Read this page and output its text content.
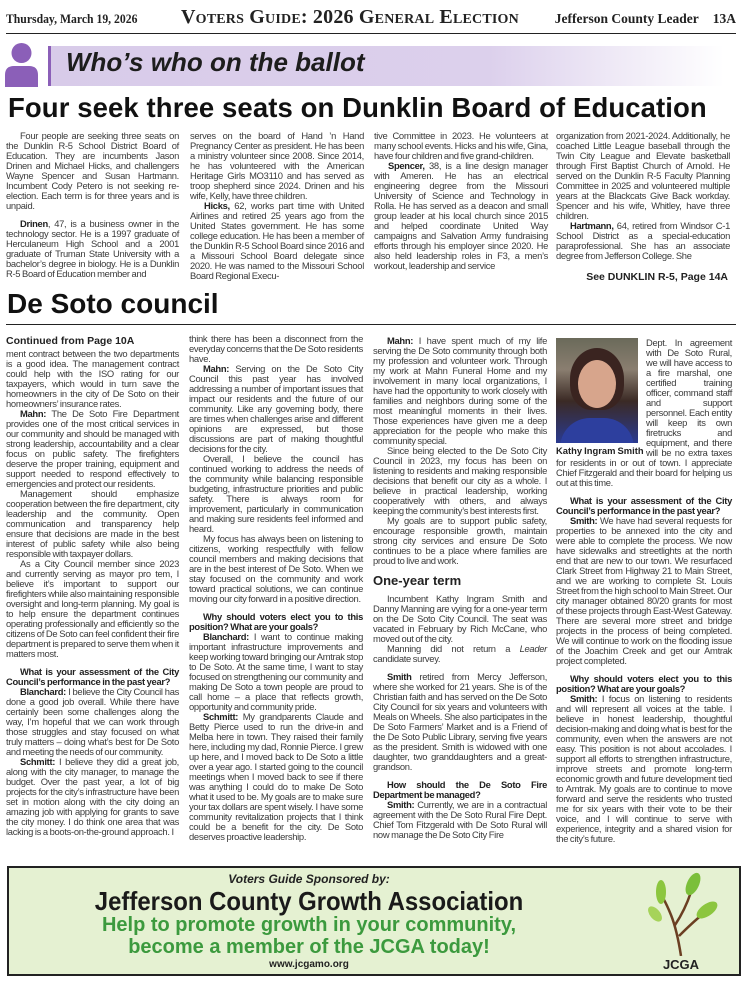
Thursday, March 19, 2026	Voters Guide: 2026 General Election	Jefferson County Leader 13A
Who’s who on the ballot
Four seek three seats on Dunklin Board of Education

Four people are seeking three seats on the Dunklin R-5 School District Board of Education. They are incumbents Jason Drinen and Michael Hicks, and challengers Wayne Spencer and Susan Hartmann. Incumbent Cody Petero is not seeking re-election. Each term is for three years and is unpaid.

Drinen, 47, is a business owner in the technology sector. He is a 1997 graduate of Herculaneum High School and a 2001 graduate of Truman State University with a bachelor’s degree in biology. He is a Dunklin R-5 Board of Education member and

serves on the board of Hand ’n Hand Pregnancy Center as president. He has been a ministry volunteer since 2008. Since 2014, he has volunteered with the American Heritage Girls MO3110 and has served as troop shepherd since 2024. Drinen and his wife, Kelly, have three children.

Hicks, 62, works part time with United Airlines and retired 25 years ago from the United States government. He has some college education. He has been a member of the Dunklin R-5 School Board since 2016 and a Missouri School Board delegate since 2020. He was named to the Missouri School Board Regional Execu-

tive Committee in 2023. He volunteers at many school events. Hicks and his wife, Gina, have four children and five grand-children.

Spencer, 38, is a line design manager with Ameren. He has an electrical engineering degree from the Missouri University of Science and Technology in Rolla. He has served as a deacon and small group leader at his local church since 2015 and helped coordinate United Way campaigns and Salvation Army fundraising efforts through his employer since 2020. He also held leadership roles in F3, a men’s workout, leadership and service

organization from 2021-2024. Additionally, he coached Little League baseball through the Twin City League and Elevate basketball through First Baptist Church of Arnold. He served on the Dunklin R-5 Faculty Planning Committee in 2025 and volunteered multiple years at the Blackcats Give Back workday. Spencer and his wife, Whitley, have three children.

Hartmann, 64, retired from Windsor C-1 School District as a special-education paraprofessional. She has an associate degree from Jefferson College. She

See DUNKLIN R-5, Page 14A
De Soto council
Continued from Page 10A

ment contract between the two departments is a good idea. The management contract could help with the ISO rating for our taxpayers, which would in turn save the homeowners in the city of De Soto on their homeowners’ insurance rates.

Mahn: The De Soto Fire Department provides one of the most critical services in our community and should be managed with strong leadership, accountability and a clear focus on public safety. The firefighters deserve the proper training, equipment and support needed to respond effectively to emergencies and protect our residents.

Management should emphasize cooperation between the fire department, city leadership and the community. Open communication and transparency help ensure that decisions are made in the best interest of public safety while also being responsible with taxpayer dollars.

As a City Council member since 2023 and currently serving as mayor pro tem, I believe it’s important to support our firefighters while also maintaining responsible oversight and long-term planning. My goal is to help ensure the department continues operating professionally and efficiently so the citizens of De Soto can feel confident their fire department is prepared to serve them when it matters most.

What is your assessment of the City Council’s performance in the past year?

Blanchard: I believe the City Council has done a good job overall. While there have certainly been some challenges along the way, I’m hopeful that we can work through those struggles and stay focused on what truly matters – doing what’s best for De Soto and meeting the needs of our community.

Schmitt: I believe they did a great job, along with the city manager, to manage the budget. Over the past year, a lot of big projects for the city’s infrastructure have been set in motion along with the city doing an amazing job with applying for grants to save the city money. I do think one area that was lacking is a boots-on-the-ground approach. I

think there has been a disconnect from the everyday concerns that the De Soto residents have.

Mahn: Serving on the De Soto City Council this past year has involved addressing a number of important issues that impact our residents and the future of our community. Like any governing body, there are times when challenges arise and different opinions are expressed, but those discussions are part of making thoughtful decisions for the city.

Overall, I believe the council has continued working to address the needs of the community while balancing responsible budgeting, infrastructure priorities and public safety. There is always room for improvement, particularly in communication and making sure residents feel informed and heard.

My focus has always been on listening to citizens, working respectfully with fellow council members and making decisions that are in the best interest of De Soto. When we stay focused on the community and work toward practical solutions, we can continue moving our city forward in a positive direction.

Why should voters elect you to this position? What are your goals?

Blanchard: I want to continue making important infrastructure improvements and keep working toward bringing our Amtrak stop to De Soto. At the same time, I want to stay focused on strengthening our community and making De Soto a town people are proud to call home – a place that reflects growth, opportunity and community pride.

Schmitt: My grandparents Claude and Betty Pierce used to run the drive-in and Melba here in town. They raised their family here, including my dad, Ronnie Pierce. I grew up here, and I moved back to De Soto a little over a year ago. I started going to the council meetings when I moved back to see if there was anything I could do to make De Soto what it used to be. My goals are to make sure your tax dollars are spent wisely. I have some community revitalization projects that I think could be a benefit for the city. De Soto deserves proactive leadership.

Mahn: I have spent much of my life serving the De Soto community through both my profession and volunteer work. Through my work at Mahn Funeral Home and my involvement in many local organizations, I have had the opportunity to work closely with families and neighbors during some of the most meaningful moments in their lives. Those experiences have given me a deep appreciation for the people who make this community special.

Since being elected to the De Soto City Council in 2023, my focus has been on listening to residents and making responsible decisions that benefit our city as a whole. I believe in practical leadership, working cooperatively with others, and always keeping the community’s best interests first.

My goals are to support public safety, encourage responsible growth, maintain strong city services and ensure De Soto continues to be a place where families are proud to live and work.

One-year term

Incumbent Kathy Ingram Smith and Danny Manning are vying for a one-year term on the De Soto City Council. The seat was vacated in February by Rich McCane, who moved out of the city.

Manning did not return a Leader candidate survey.

Smith retired from Mercy Jefferson, where she worked for 21 years. She is of the Christian faith and has served on the De Soto City Council for six years and volunteers with Meals on Wheels. She also participates in the De Soto Farmers’ Market and is a Friend of the De Soto Public Library, serving five years as the president. Smith is widowed with one daughter, two granddaughters and a great-grandson.

How should the De Soto Fire Department be managed?

Smith: Currently, we are in a contractual agreement with the De Soto Rural Fire Dept. Chief Tom Fitzgerald with De Soto Rural will now manage the De Soto City Fire

Kathy Ingram Smith

Dept. In agreement with De Soto Rural, we will have access to a fire marshal, one certified training officer, command staff and support personnel. Each entity will keep its own firetrucks and equipment, and there will be no extra taxes for residents in or out of town. I appreciate Chief Fitzgerald and their board for helping us out at this time.

What is your assessment of the City Council’s performance in the past year?

Smith: We have had several requests for properties to be annexed into the city and were able to complete the process. We now have sidewalks and streetlights at the north end that are new to our town. We resurfaced Clark Street from Highway 21 to Main Street, and we are working to complete St. Louis Street from the high school to Main Street. Our city manager obtained 80/20 grants for most of these projects through East-West Gateway. There are several more street and bridge projects in the process of being completed. We will continue to work on the flooding issue of the Joachim Creek and get our Amtrak project completed.

Why should voters elect you to this position? What are your goals?

Smith: I focus on listening to residents and will represent all voices at the table. I believe in honest leadership, thoughtful decision-making and doing what is best for the community, even when the answers are not easy. This position is not about accolades. I support all efforts to strengthen infrastructure, improve streets and promote long-term economic growth and future development tied to Amtrak. My goals are to continue to move forward and serve the residents who trusted me for six years with their vote to be their voice, and I will continue to serve with experience, integrity and a shared vision for the city’s future.

Voters Guide Sponsored by:
Jefferson County Growth Association
Help to promote growth in your community,
become a member of the JCGA today!
www.jcgamo.org	JCGA
